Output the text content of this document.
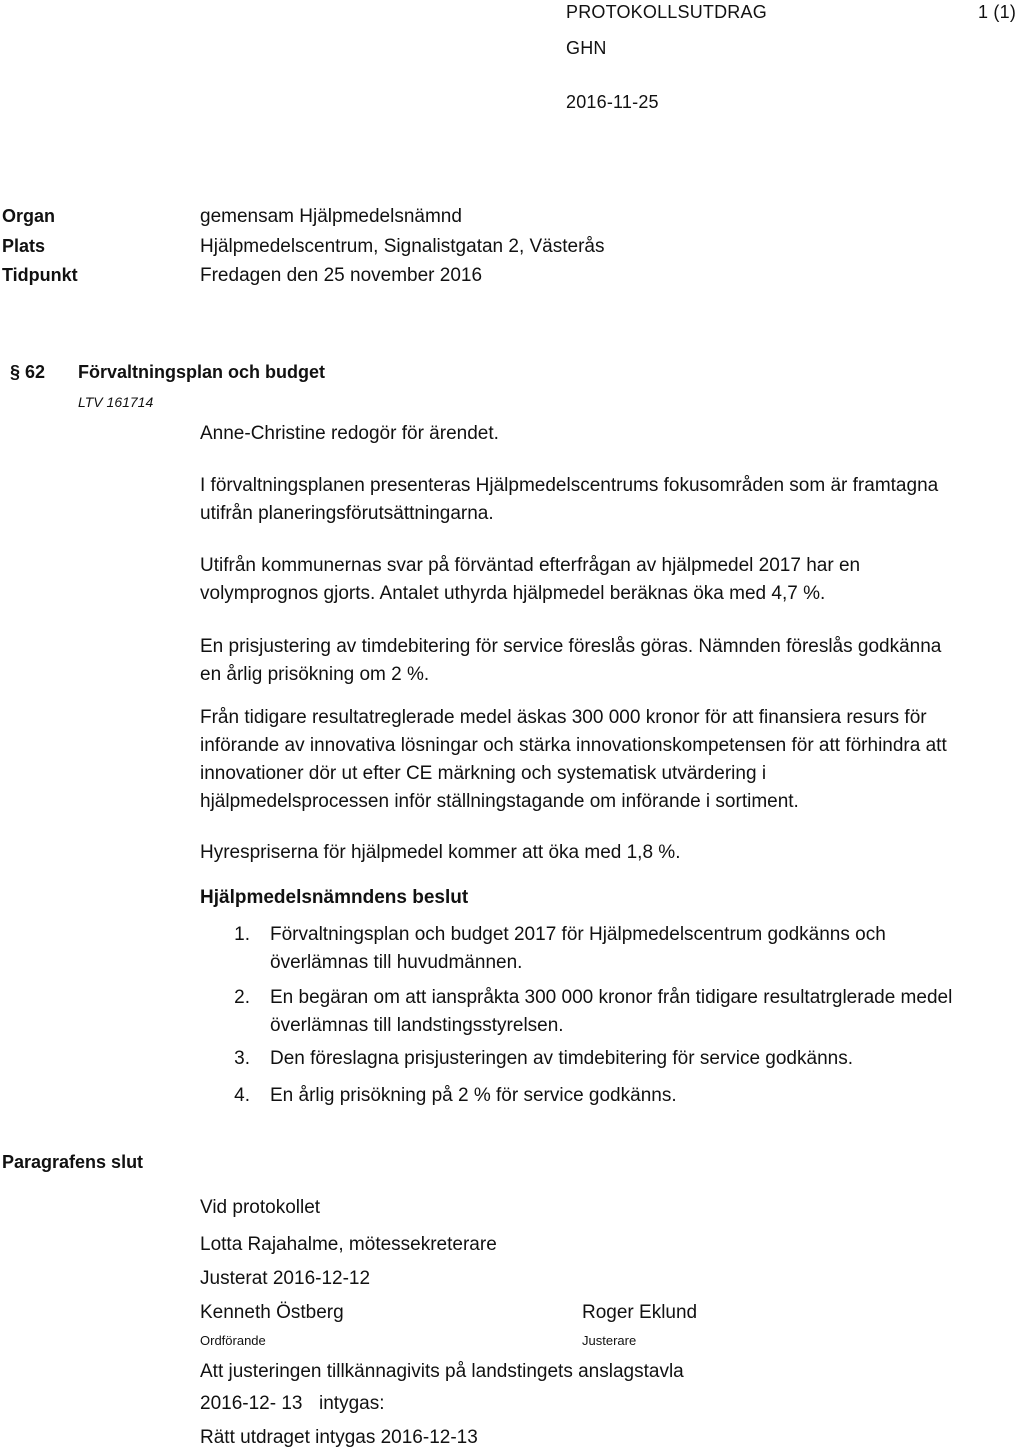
PROTOKOLLSUTDRAG	1 (1)
GHN
2016-11-25
Organ
Plats
Tidpunkt
gemensam Hjälpmedelsnämnd
Hjälpmedelscentrum, Signalistgatan 2, Västerås
Fredagen den 25 november 2016
§ 62 Förvaltningsplan och budget
LTV 161714
Anne-Christine redogör för ärendet.
I förvaltningsplanen presenteras Hjälpmedelscentrums fokusområden som är framtagna utifrån planeringsförutsättningarna.
Utifrån kommunernas svar på förväntad efterfrågan av hjälpmedel 2017 har en volymprognos gjorts. Antalet uthyrda hjälpmedel beräknas öka med 4,7 %.
En prisjustering av timdebitering för service föreslås göras. Nämnden föreslås godkänna en årlig prisökning om 2 %.
Från tidigare resultatreglerade medel äskas 300 000 kronor för att finansiera resurs för införande av innovativa lösningar och stärka innovationskompetensen för att förhindra att innovationer dör ut efter CE märkning och systematisk utvärdering i hjälpmedelsprocessen inför ställningstagande om införande i sortiment.
Hyrespriserna för hjälpmedel kommer att öka med 1,8 %.
Hjälpmedelsnämndens beslut
1. Förvaltningsplan och budget 2017 för Hjälpmedelscentrum godkänns och överlämnas till huvudmännen.
2. En begäran om att ianspråkta 300 000 kronor från tidigare resultatrglerade medel överlämnas till landstingsstyrelsen.
3. Den föreslagna prisjusteringen av timdebitering för service godkänns.
4. En årlig prisökning på 2 % för service godkänns.
Paragrafens slut
Vid protokollet
Lotta Rajahalme, mötessekreterare
Justerat 2016-12-12
Kenneth Östberg
Ordförande
Roger Eklund
Justerare
Att justeringen tillkännagivits på landstingets anslagstavla
2016-12- 13 intygas:
Rätt utdraget intygas 2016-12-13
